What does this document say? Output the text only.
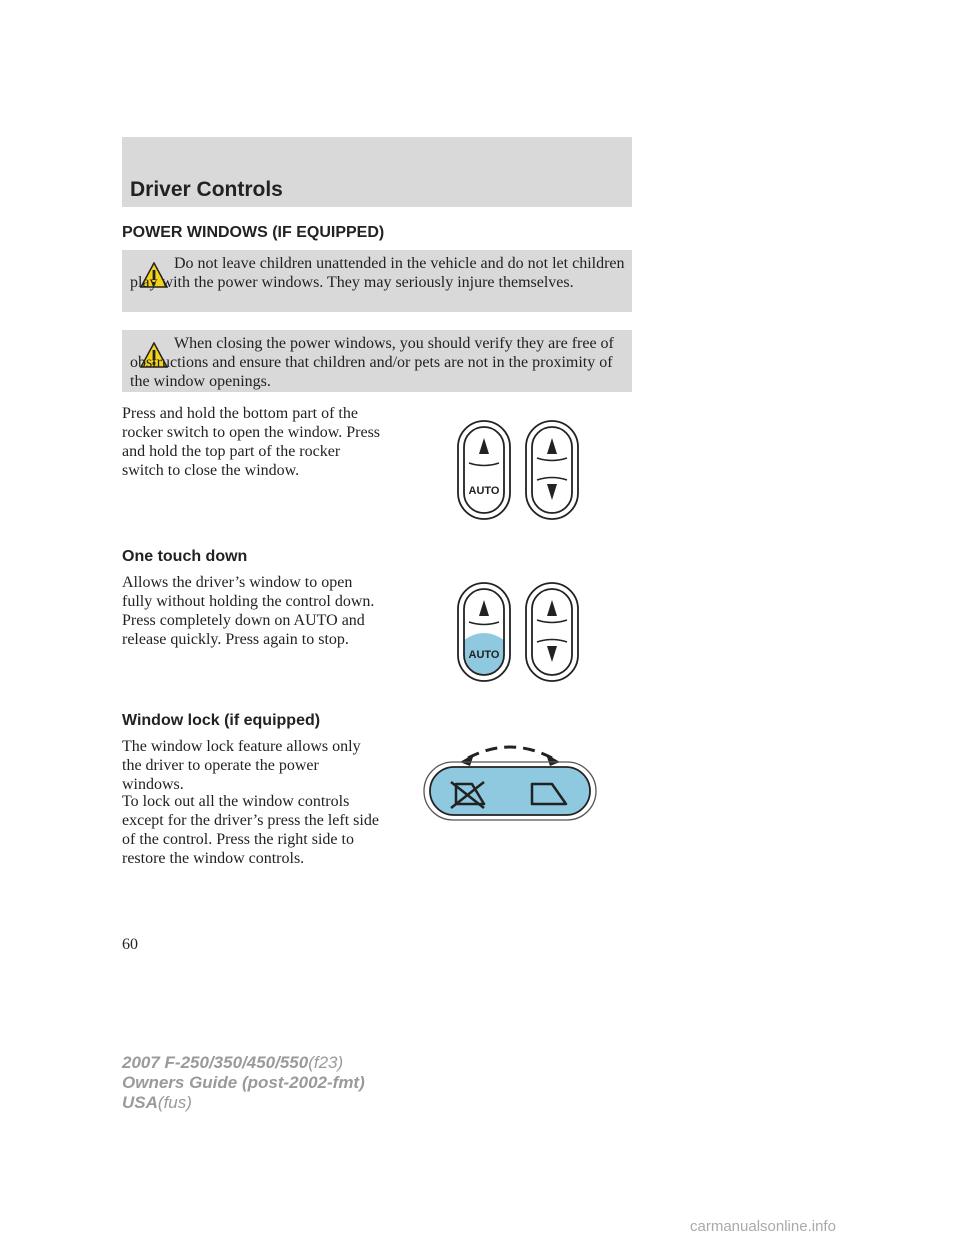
Driver Controls
POWER WINDOWS (IF EQUIPPED)
Do not leave children unattended in the vehicle and do not let children play with the power windows. They may seriously injure themselves.
When closing the power windows, you should verify they are free of obstructions and ensure that children and/or pets are not in the proximity of the window openings.
Press and hold the bottom part of the rocker switch to open the window. Press and hold the top part of the rocker switch to close the window.
AUTO
One touch down
Allows the driver’s window to open fully without holding the control down. Press completely down on AUTO and release quickly. Press again to stop.
AUTO
Window lock (if equipped)
The window lock feature allows only the driver to operate the power windows.
To lock out all the window controls except for the driver’s press the left side of the control. Press the right side to restore the window controls.
60
2007 F-250/350/450/550(f23)
Owners Guide (post-2002-fmt)
USA(fus)
carmanualsonline.info
